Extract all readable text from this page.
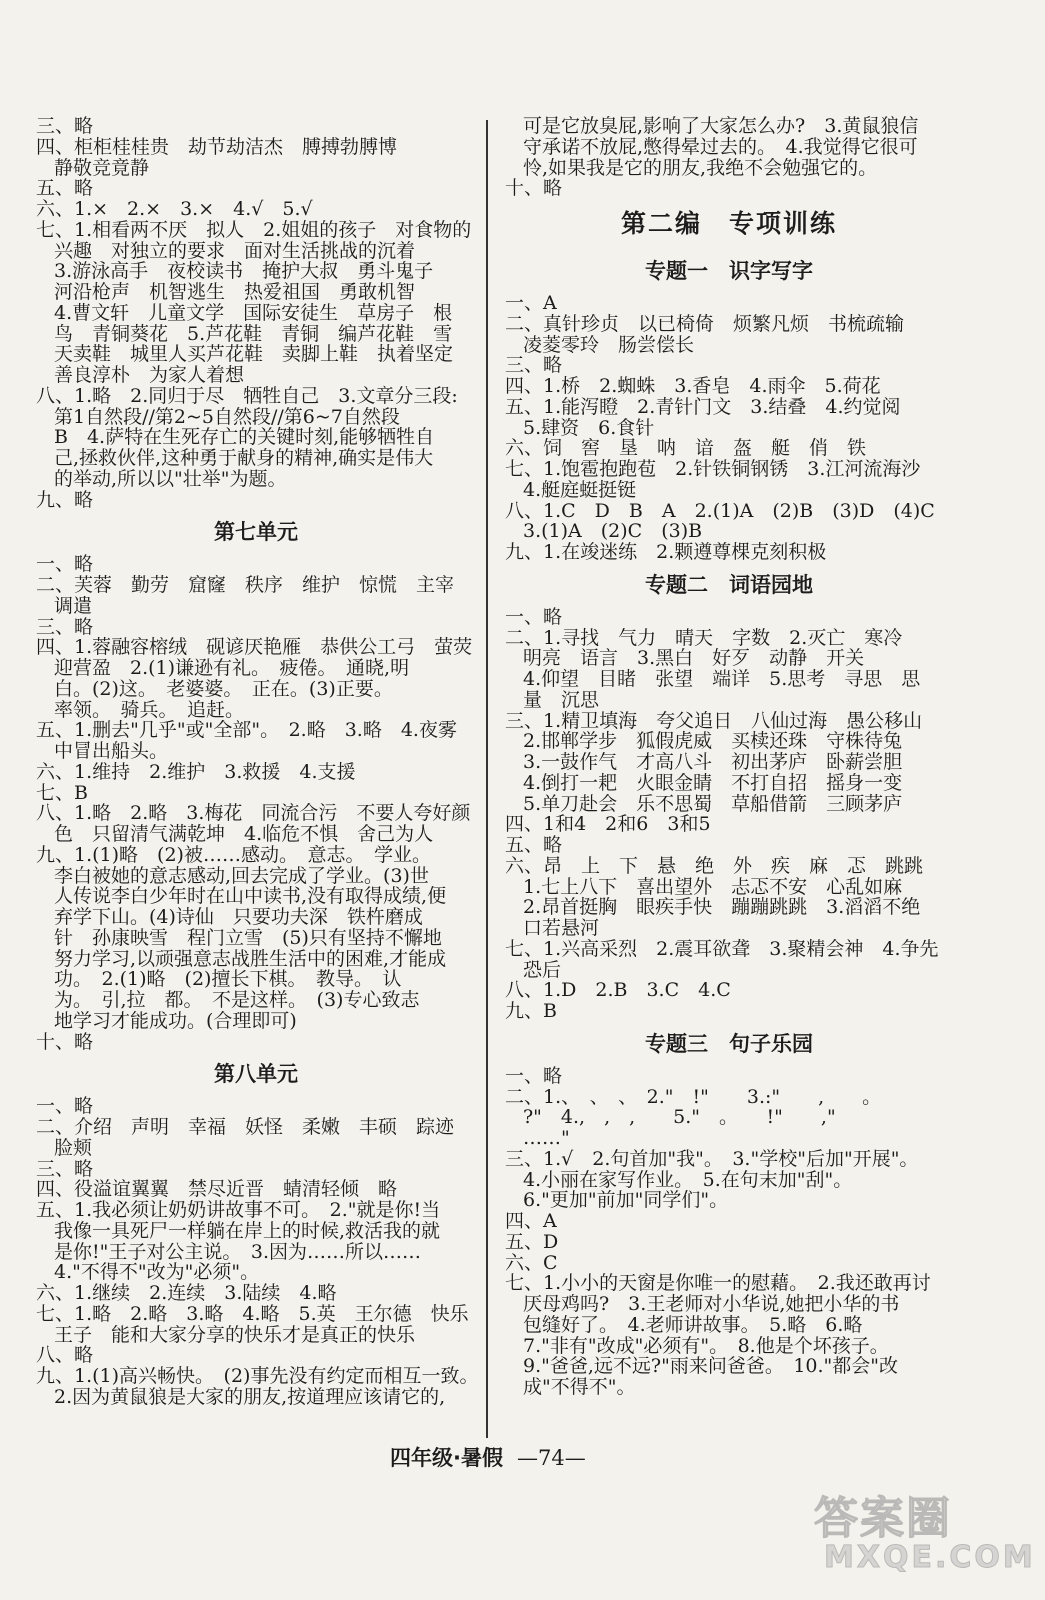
三、略
四、柜柜桂桂贵　劫节劫洁杰　膊搏勃膊博
静敬竞竟静
五、略
六、1.×　2.×　3.×　4.√　5.√
七、1.相看两不厌　拟人　2.姐姐的孩子　对食物的
兴趣　对独立的要求　面对生活挑战的沉着
3.游泳高手　夜校读书　掩护大叔　勇斗鬼子
河沿枪声　机智逃生　热爱祖国　勇敢机智
4.曹文轩　儿童文学　国际安徒生　草房子　根
鸟　青铜葵花　5.芦花鞋　青铜　编芦花鞋　雪
天卖鞋　城里人买芦花鞋　卖脚上鞋　执着坚定
善良淳朴　为家人着想
八、1.略　2.同归于尽　牺牲自己　3.文章分三段:
第1自然段//第2~5自然段//第6~7自然段
B　4.萨特在生死存亡的关键时刻,能够牺牲自
己,拯救伙伴,这种勇于献身的精神,确实是伟大
的举动,所以以"壮举"为题。
九、略
第七单元
一、略
二、芙蓉　勤劳　窟窿　秩序　维护　惊慌　主宰
调遣
三、略
四、1.蓉融容榕绒　砚谚厌艳雁　恭供公工弓　萤荧
迎营盈　2.(1)谦逊有礼。　疲倦。　通晓,明
白。(2)这。　老婆婆。　正在。(3)正要。
率领。　骑兵。　追赶。
五、1.删去"几乎"或"全部"。　2.略　3.略　4.夜雾
中冒出船头。
六、1.维持　2.维护　3.救援　4.支援
七、B
八、1.略　2.略　3.梅花　同流合污　不要人夸好颜
色　只留清气满乾坤　4.临危不惧　舍己为人
九、1.(1)略　(2)被……感动。　意志。　学业。
李白被她的意志感动,回去完成了学业。(3)世
人传说李白少年时在山中读书,没有取得成绩,便
弃学下山。(4)诗仙　只要功夫深　铁杵磨成
针　孙康映雪　程门立雪　(5)只有坚持不懈地
努力学习,以顽强意志战胜生活中的困难,才能成
功。　2.(1)略　(2)擅长下棋。　教导。　认
为。　引,拉　都。　不是这样。　(3)专心致志
地学习才能成功。(合理即可)
十、略
第八单元
一、略
二、介绍　声明　幸福　妖怪　柔嫩　丰硕　踪迹
脸颊
三、略
四、役溢谊翼翼　禁尽近晋　蜻清轻倾　略
五、1.我必须让奶奶讲故事不可。　2."就是你!当
我像一具死尸一样躺在岸上的时候,救活我的就
是你!"王子对公主说。　3.因为……所以……
4."不得不"改为"必须"。
六、1.继续　2.连续　3.陆续　4.略
七、1.略　2.略　3.略　4.略　5.英　王尔德　快乐
王子　能和大家分享的快乐才是真正的快乐
八、略
九、1.(1)高兴畅快。　(2)事先没有约定而相互一致。
2.因为黄鼠狼是大家的朋友,按道理应该请它的,
可是它放臭屁,影响了大家怎么办?　3.黄鼠狼信
守承诺不放屁,憋得晕过去的。　4.我觉得它很可
怜,如果我是它的朋友,我绝不会勉强它的。
十、略
第二编　专项训练
专题一　识字写字
一、A
二、真针珍贞　以已椅倚　烦繁凡烦　书梳疏输
凌菱零玲　肠尝偿长
三、略
四、1.桥　2.蜘蛛　3.香皂　4.雨伞　5.荷花
五、1.能泻瞪　2.青针门文　3.结叠　4.约觉阅
5.肆资　6.食针
六、饲　窖　垦　呐　谙　盔　艇　俏　铁
七、1.饱雹抱跑苞　2.针铁铜钢锈　3.江河流海沙
4.艇庭蜓挺铤
八、1.C　D　B　A　2.(1)A　(2)B　(3)D　(4)C
3.(1)A　(2)C　(3)B
九、1.在竣迷练　2.颗遵尊棵克刻积极
专题二　词语园地
一、略
二、1.寻找　气力　晴天　字数　2.灭亡　寒冷
明亮　语言　3.黑白　好歹　动静　开关
4.仰望　目睹　张望　端详　5.思考　寻思　思
量　沉思
三、1.精卫填海　夸父追日　八仙过海　愚公移山
2.邯郸学步　狐假虎威　买椟还珠　守株待兔
3.一鼓作气　才高八斗　初出茅庐　卧薪尝胆
4.倒打一耙　火眼金睛　不打自招　摇身一变
5.单刀赴会　乐不思蜀　草船借箭　三顾茅庐
四、1和4　2和6　3和5
五、略
六、昂　上　下　悬　绝　外　疾　麻　忑　跳跳
1.七上八下　喜出望外　忐忑不安　心乱如麻
2.昂首挺胸　眼疾手快　蹦蹦跳跳　3.滔滔不绝
口若悬河
七、1.兴高采烈　2.震耳欲聋　3.聚精会神　4.争先
恐后
八、1.D　2.B　3.C　4.C
九、B
专题三　句子乐园
一、略
二、1.、　、　、　2."　!"　　3.:"　　,　　。
?"　4.,　,　,　　5."　。　　!"　　,"
……"
三、1.√　2.句首加"我"。　3."学校"后加"开展"。
4.小丽在家写作业。　5.在句末加"刮"。
6."更加"前加"同学们"。
四、A
五、D
六、C
七、1.小小的天窗是你唯一的慰藉。　2.我还敢再讨
厌母鸡吗?　3.王老师对小华说,她把小华的书
包缝好了。　4.老师讲故事。　5.略　6.略
7."非有"改成"必须有"。　8.他是个坏孩子。
9."爸爸,远不远?"雨来问爸爸。　10."都会"改
成"不得不"。
四年级·暑假 —74—
答案圈
MXQE.COM
